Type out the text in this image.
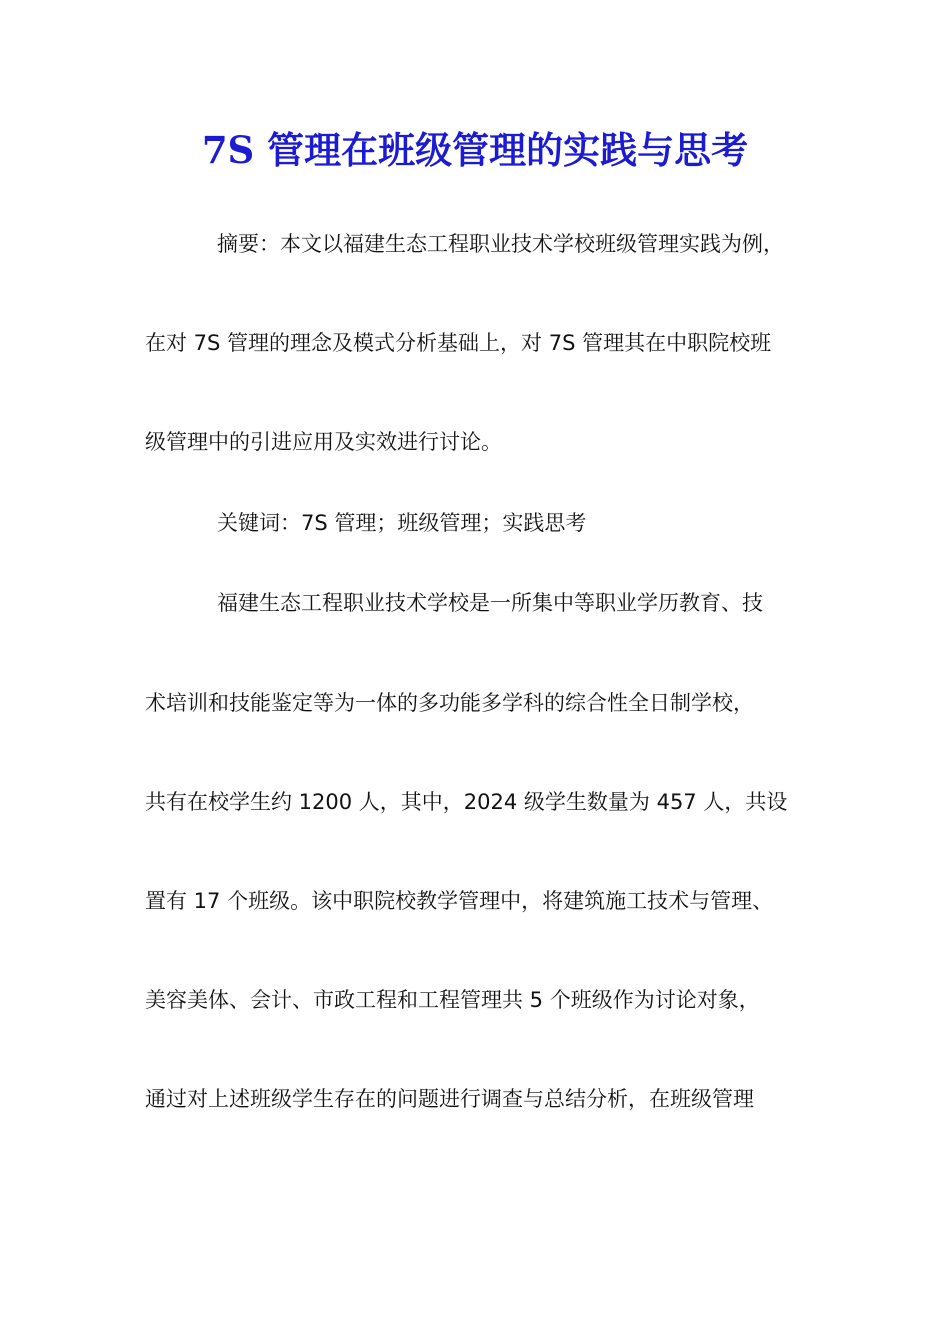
7S 管理在班级管理的实践与思考

摘要：本文以福建生态工程职业技术学校班级管理实践为例，

在对 7S 管理的理念及模式分析基础上，对 7S 管理其在中职院校班

级管理中的引进应用及实效进行讨论。

关键词：7S 管理；班级管理；实践思考

福建生态工程职业技术学校是一所集中等职业学历教育、技

术培训和技能鉴定等为一体的多功能多学科的综合性全日制学校，

共有在校学生约 1200 人，其中，2024 级学生数量为 457 人，共设

置有 17 个班级。该中职院校教学管理中，将建筑施工技术与管理、

美容美体、会计、市政工程和工程管理共 5 个班级作为讨论对象，

通过对上述班级学生存在的问题进行调查与总结分析，在班级管理
